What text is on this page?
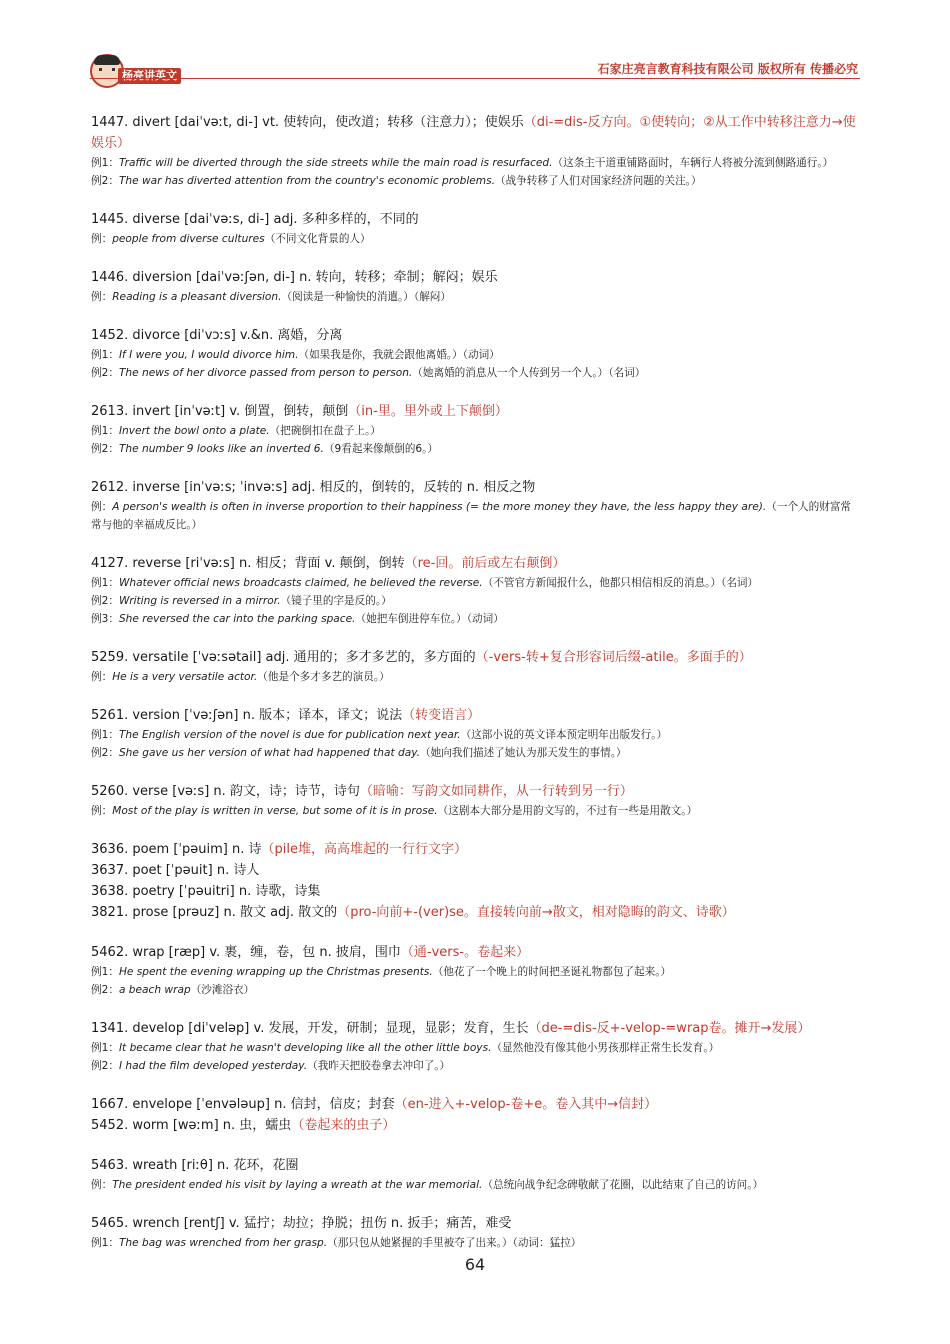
杨亮讲英文	石家庄亮言教育科技有限公司 版权所有 传播必究
1447. divert [daiˈvəːt, di-] vt. 使转向，使改道；转移（注意力）；使娱乐（di-=dis-反方向。①使转向；②从工作中转移注意力→使娱乐）
例1：Traffic will be diverted through the side streets while the main road is resurfaced.（这条主干道重铺路面时，车辆行人将被分流到侧路通行。）
例2：The war has diverted attention from the country's economic problems.（战争转移了人们对国家经济问题的关注。）
1445. diverse [daiˈvəːs, di-] adj. 多种多样的，不同的
例：people from diverse cultures（不同文化背景的人）
1446. diversion [daiˈvəːʃən, di-] n. 转向，转移；牵制；解闷；娱乐
例：Reading is a pleasant diversion.（阅读是一种愉快的消遣。）（解闷）
1452. divorce [diˈvɔːs] v.&n. 离婚，分离
例1：If I were you, I would divorce him.（如果我是你，我就会跟他离婚。）（动词）
例2：The news of her divorce passed from person to person.（她离婚的消息从一个人传到另一个人。）（名词）
2613. invert [inˈvəːt] v. 倒置，倒转，颠倒（in-里。里外或上下颠倒）
例1：Invert the bowl onto a plate.（把碗倒扣在盘子上。）
例2：The number 9 looks like an inverted 6.（9看起来像颠倒的6。）
2612. inverse [inˈvəːs; ˈinvəːs] adj. 相反的，倒转的，反转的 n. 相反之物
例：A person's wealth is often in inverse proportion to their happiness (= the more money they have, the less happy they are).（一个人的财富常常与他的幸福成反比。）
4127. reverse [riˈvəːs] n. 相反；背面 v. 颠倒，倒转（re-回。前后或左右颠倒）
例1：Whatever official news broadcasts claimed, he believed the reverse.（不管官方新闻报什么，他都只相信相反的消息。）（名词）
例2：Writing is reversed in a mirror.（镜子里的字是反的。）
例3：She reversed the car into the parking space.（她把车倒进停车位。）（动词）
5259. versatile [ˈvəːsətail] adj. 通用的；多才多艺的，多方面的（-vers-转+复合形容词后缀-atile。多面手的）
例：He is a very versatile actor.（他是个多才多艺的演员。）
5261. version [ˈvəːʃən] n. 版本；译本，译文；说法（转变语言）
例1：The English version of the novel is due for publication next year.（这部小说的英文译本预定明年出版发行。）
例2：She gave us her version of what had happened that day.（她向我们描述了她认为那天发生的事情。）
5260. verse [vəːs] n. 韵文，诗；诗节，诗句（暗喻：写韵文如同耕作，从一行转到另一行）
例：Most of the play is written in verse, but some of it is in prose.（这剧本大部分是用韵文写的，不过有一些是用散文。）
3636. poem [ˈpəuim] n. 诗（pile堆，高高堆起的一行行文字）
3637. poet [ˈpəuit] n. 诗人
3638. poetry [ˈpəuitri] n. 诗歌，诗集
3821. prose [prəuz] n. 散文 adj. 散文的（pro-向前+-(ver)se。直接转向前→散文，相对隐晦的韵文、诗歌）
5462. wrap [ræp] v. 裹，缠，卷，包 n. 披肩，围巾（通-vers-。卷起来）
例1：He spent the evening wrapping up the Christmas presents.（他花了一个晚上的时间把圣诞礼物都包了起来。）
例2：a beach wrap（沙滩浴衣）
1341. develop [diˈveləp] v. 发展，开发，研制；显现，显影；发育，生长（de-=dis-反+-velop-=wrap卷。摊开→发展）
例1：It became clear that he wasn't developing like all the other little boys.（显然他没有像其他小男孩那样正常生长发育。）
例2：I had the film developed yesterday.（我昨天把胶卷拿去冲印了。）
1667. envelope [ˈenvələup] n. 信封，信皮；封套（en-进入+-velop-卷+e。卷入其中→信封）
5452. worm [wəːm] n. 虫，蠕虫（卷起来的虫子）
5463. wreath [riːθ] n. 花环，花圈
例：The president ended his visit by laying a wreath at the war memorial.（总统向战争纪念碑敬献了花圈，以此结束了自己的访问。）
5465. wrench [rentʃ] v. 猛拧；劫拉；挣脱；扭伤 n. 扳手；痛苦，难受
例1：The bag was wrenched from her grasp.（那只包从她紧握的手里被夺了出来。）（动词：猛拉）
64
